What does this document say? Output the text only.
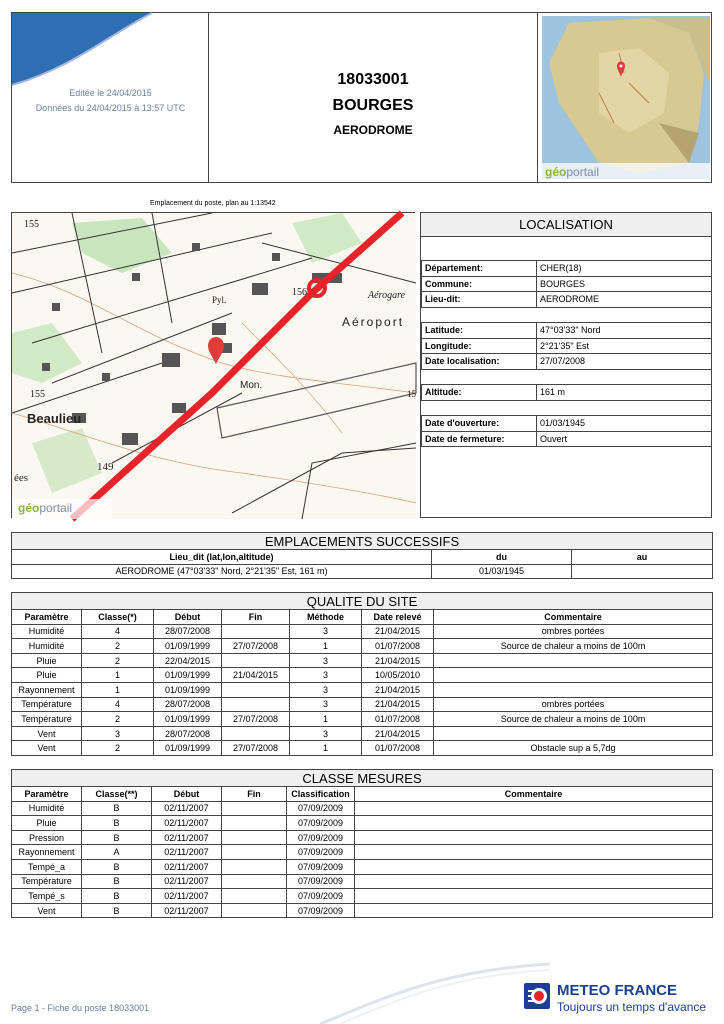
Editée le 24/04/2015
Données du 24/04/2015 à 13:57 UTC
18033001
BOURGES
AERODROME
géoportail
Emplacement du poste, plan au 1:13542
155
Pyl.	Aérogare
Aéroport
Mon.
Beaulieu
149
155
ées
156
15
géoportail
LOCALISATION
Département:	CHER(18)
Commune:	BOURGES
Lieu-dit:	AERODROME

Latitude:	47°03'33" Nord
Longitude:	2°21'35" Est
Date localisation:	27/07/2008

Altitude:	161 m

Date d'ouverture:	01/03/1945
Date de fermeture:	Ouvert
EMPLACEMENTS SUCCESSIFS		
Lieu_dit (lat,lon,altitude)	du	au
AERODROME (47°03'33" Nord, 2°21'35" Est, 161 m)	01/03/1945	
QUALITE DU SITE						
Paramètre	Classe(*)	Début	Fin	Méthode	Date relevé	Commentaire
Humidité	4	28/07/2008		3	21/04/2015	ombres portées
Humidité	2	01/09/1999	27/07/2008	1	01/07/2008	Source de chaleur a moins de 100m
Pluie	2	22/04/2015		3	21/04/2015	
Pluie	1	01/09/1999	21/04/2015	3	10/05/2010	
Rayonnement	1	01/09/1999		3	21/04/2015	
Température	4	28/07/2008		3	21/04/2015	ombres portées
Température	2	01/09/1999	27/07/2008	1	01/07/2008	Source de chaleur a moins de 100m
Vent	3	28/07/2008		3	21/04/2015	
Vent	2	01/09/1999	27/07/2008	1	01/07/2008	Obstacle sup a 5,7dg
CLASSE MESURES					
Paramètre	Classe(**)	Début	Fin	Classification	Commentaire
Humidité	B	02/11/2007		07/09/2009	
Pluie	B	02/11/2007		07/09/2009	
Pression	B	02/11/2007		07/09/2009	
Rayonnement	A	02/11/2007		07/09/2009	
Tempé_a	B	02/11/2007		07/09/2009	
Température	B	02/11/2007		07/09/2009	
Tempé_s	B	02/11/2007		07/09/2009	
Vent	B	02/11/2007		07/09/2009	
Page 1 - Fiche du poste 18033001
METEO FRANCE
Toujours un temps d'avance
